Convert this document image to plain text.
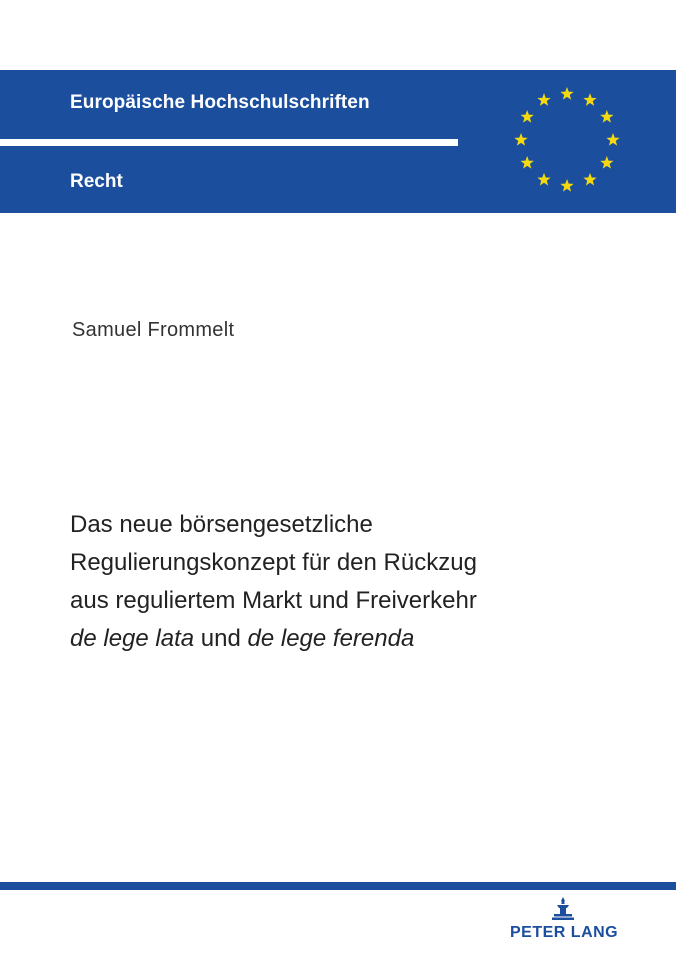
Europäische Hochschulschriften
Recht
Samuel Frommelt
Das neue börsengesetzliche
Regulierungskonzept für den Rückzug
aus reguliertem Markt und Freiverkehr
de lege lata und de lege ferenda
PETER LANG
